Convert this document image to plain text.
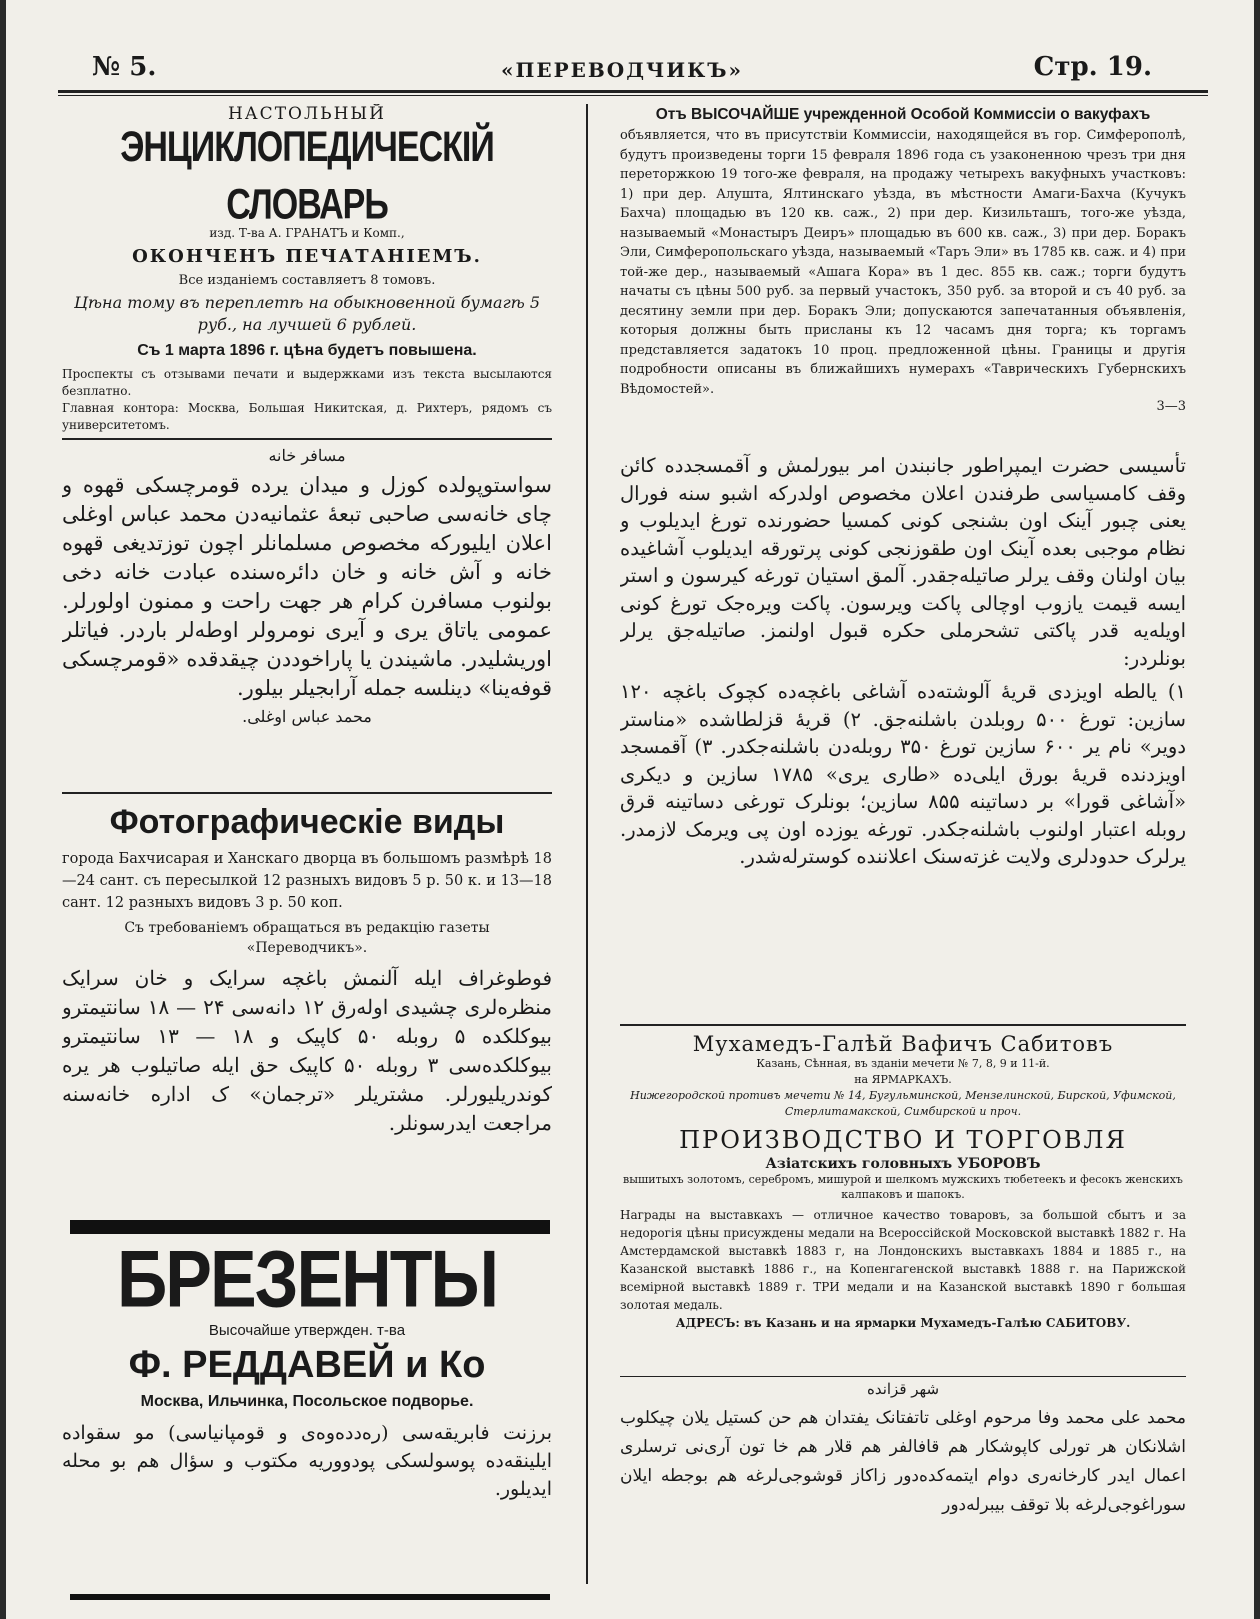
№ 5.	«ПЕРЕВОДЧИКЪ»	Стр. 19.

НАСТОЛЬНЫЙ

ЭНЦИКЛОПЕДИЧЕСКІЙ СЛОВАРЬ

изд. Т-ва А. ГРАНАТЪ и Комп.,

ОКОНЧЕНЪ ПЕЧАТАНІЕМЪ.

Все изданіемъ составляетъ 8 томовъ.

Цѣна тому въ переплетѣ на обыкновенной бумагѣ 5 руб., на лучшей 6 рублей.

Съ 1 марта 1896 г. цѣна будетъ повышена.

Проспекты съ отзывами печати и выдержками изъ текста высылаются безплатно.

Главная контора: Москва, Большая Никитская, д. Рихтеръ, рядомъ съ университетомъ.

مسافر خانه

سواستوپولده کوزل و میدان یرده قومرچسکی قهوه و چای خانه‌سی صاحبی تبعهٔ عثمانیه‌دن محمد عباس اوغلی اعلان ایلیورکه مخصوص مسلمانلر اچون توزتدیغی قهوه خانه و آش خانه و خان دائره‌سنده عبادت خانه دخی بولنوب مسافرن کرام هر جهت راحت و ممنون اولورلر. عمومی یاتاق یری و آیری نومرولر اوطه‌لر باردر. فیاتلر اوریشلیدر. ماشیندن یا پاراخوددن چیقدقده «قومرچسکی قوفه‌ینا» دینلسه جمله آرابجیلر بیلور.

محمد عباس اوغلی.

Фотографическіе виды

города Бахчисарая и Ханскаго дворца въ большомъ размѣрѣ 18—24 сант. съ пересылкой 12 разныхъ видовъ 5 р. 50 к. и 13—18 сант. 12 разныхъ видовъ 3 р. 50 коп.

Съ требованіемъ обращаться въ редакцію газеты «Переводчикъ».

فوطوغراف ایله آلنمش باغچه سرایک و خان سرایک منظره‌لری چشیدی اوله‌رق ۱۲ دانه‌سی ۲۴ — ۱۸ سانتیمترو بیوکلکده ۵ روبله ۵۰ کاپیک و ۱۸ — ۱۳ سانتیمترو بیوکلکده‌سی ۳ روبله ۵۰ کاپیک حق ایله صاتیلوب هر یره کوندریلیورلر. مشتریلر «ترجمان» ک اداره خانه‌سنه مراجعت ایدرسونلر.

БРЕЗЕНТЫ

Высочайше утвержден. т-ва

Ф. РЕДДАВЕЙ и Ко

Москва, Ильчинка, Посольское подворье.

برزنت فابریقه‌سی (رەددەوەی و قومپانیاسی) مو سقواده ایلینقه‌ده پوسولسکی پودووریه مکتوب و سؤال هم بو محله ایدیلور.

Отъ ВЫСОЧАЙШЕ учрежденной Особой Коммиссіи о вакуфахъ

объявляется, что въ присутствіи Коммиссіи, находящейся въ гор. Симферополѣ, будутъ произведены торги 15 февраля 1896 года съ узаконенною чрезъ три дня переторжкою 19 того-же февраля, на продажу четырехъ вакуфныхъ участковъ: 1) при дер. Алушта, Ялтинскаго уѣзда, въ мѣстности Амаги-Бахча (Кучукъ Бахча) площадью въ 120 кв. саж., 2) при дер. Кизильташъ, того-же уѣзда, называемый «Монастыръ Деиръ» площадью въ 600 кв. саж., 3) при дер. Боракъ Эли, Симферопольскаго уѣзда, называемый «Таръ Эли» въ 1785 кв. саж. и 4) при той-же дер., называемый «Ашага Кора» въ 1 дес. 855 кв. саж.; торги будутъ начаты съ цѣны 500 руб. за первый участокъ, 350 руб. за второй и съ 40 руб. за десятину земли при дер. Боракъ Эли; допускаются запечатанныя объявленія, которыя должны быть присланы къ 12 часамъ дня торга; къ торгамъ представляется задатокъ 10 проц. предложенной цѣны. Границы и другія подробности описаны въ ближайшихъ нумерахъ «Таврическихъ Губернскихъ Вѣдомостей».

3—3

تأسیسی حضرت ایمپراطور جانبندن امر بیورلمش و آقمسجدده کائن وقف کامسیاسی طرفندن اعلان مخصوص اولدرکه اشبو سنه فورال یعنی چبور آینک اون بشنجی کونی کمسیا حضورنده تورغ ایدیلوب و نظام موجبی بعده آینک اون طقوزنجی کونی پرتورقه ایدیلوب آشاغیده بیان اولنان وقف یرلر صاتیله‌جقدر. آلمق استیان تورغه کیرسون و استر ایسه قیمت یازوب اوچالی پاکت ویرسون. پاکت ویره‌جک تورغ کونی اویله‌یه قدر پاکتی تشحرملی حکره قبول اولنمز. صاتیله‌جق یرلر بونلردر:

۱) یالطه اویزدی قریهٔ آلوشته‌ده آشاغی باغچه‌ده کچوک باغچه ۱۲۰ سازین: تورغ ۵۰۰ روبلدن باشلنه‌جق. ۲) قریهٔ قزلطاشده «مناستر دویر» نام یر ۶۰۰ سازین تورغ ۳۵۰ روبله‌دن باشلنه‌جکدر. ۳) آقمسجد اویزدنده قریهٔ بورق ایلی‌ده «طاری یری» ۱۷۸۵ سازین و دیکری «آشاغی قورا» بر دساتینه ۸۵۵ سازین؛ بونلرک تورغی دساتینه قرق روبله اعتبار اولنوب باشلنه‌جکدر. تورغه یوزده اون پی ویرمک لازمدر. یرلرک حدودلری ولایت غزته‌سنک اعلاننده کوسترلەشدر.

Мухамедъ-Галѣй Вафичъ Сабитовъ

Казань, Сѣнная, въ зданіи мечети № 7, 8, 9 и 11-й.

на ЯРМАРКАХЪ.

Нижегородской противъ мечети № 14, Бугульминской, Мензелинской, Бирской, Уфимской, Стерлитамакской, Симбирской и проч.

ПРОИЗВОДСТВО И ТОРГОВЛЯ

Азіатскихъ головныхъ УБОРОВЪ

вышитыхъ золотомъ, серебромъ, мишурой и шелкомъ мужскихъ тюбетеекъ и фесокъ женскихъ калпаковъ и шапокъ.

Награды на выставкахъ — отличное качество товаровъ, за большой сбытъ и за недорогія цѣны присуждены медали на Всероссійской Московской выставкѣ 1882 г. На Амстердамской выставкѣ 1883 г, на Лондонскихъ выставкахъ 1884 и 1885 г., на Казанской выставкѣ 1886 г., на Копенгагенской выставкѣ 1888 г. на Парижской всемірной выставкѣ 1889 г. ТРИ медали и на Казанской выставкѣ 1890 г большая золотая медаль.

АДРЕСЪ: въ Казань и на ярмарки Мухамедъ-Галѣю САБИТОВУ.

شهر قزانده

محمد علی محمد وفا مرحوم اوغلی تاتفتانک یفتدان هم حن کستیل یلان چیکلوب اشلانکان هر تورلی کاپوشکار هم قافالفر هم قلار هم خا تون آری‌نی ترسلری اعمال ایدر کارخانه‌ری دوام ایتمه‌کده‌دور زاکاز قوشوجی‌لرغه هم بوجطه ایلان سوراغوجی‌لرغه بلا توقف بیبرله‌دور
